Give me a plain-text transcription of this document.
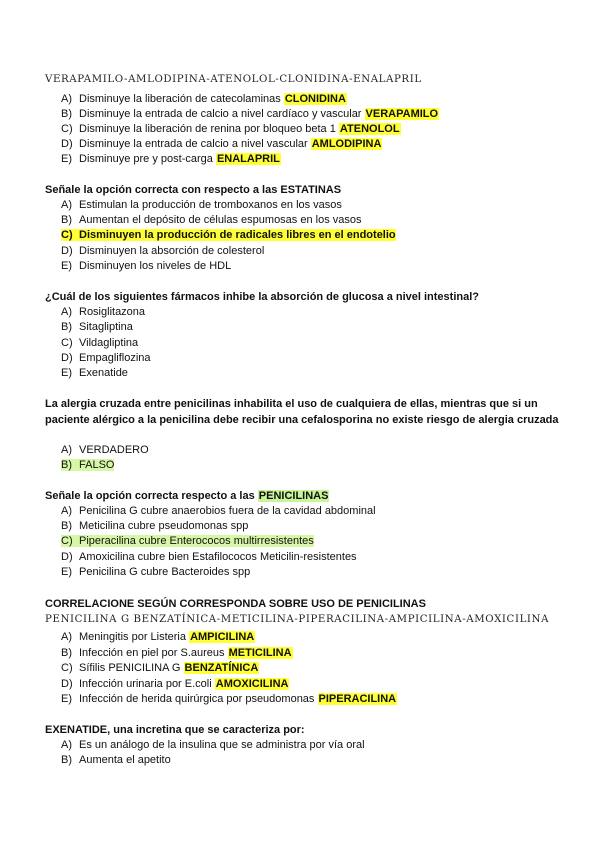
VERAPAMILO-AMLODIPINA-ATENOLOL-CLONIDINA-ENALAPRIL
A) Disminuye la liberación de catecolaminas CLONIDINA
B) Disminuye la entrada de calcio a nivel cardíaco y vascular VERAPAMILO
C) Disminuye la liberación de renina por bloqueo beta 1 ATENOLOL
D) Disminuye la entrada de calcio a nivel vascular AMLODIPINA
E) Disminuye pre y post-carga ENALAPRIL
Señale la opción correcta con respecto a las ESTATINAS
A) Estimulan la producción de tromboxanos en los vasos
B) Aumentan el depósito de células espumosas en los vasos
C) Disminuyen la producción de radicales libres en el endotelio
D) Disminuyen la absorción de colesterol
E) Disminuyen los niveles de HDL
¿Cuál de los siguientes fármacos inhibe la absorción de glucosa a nivel intestinal?
A) Rosiglitazona
B) Sitagliptina
C) Vildagliptina
D) Empagliflozina
E) Exenatide
La alergia cruzada entre penicilinas inhabilita el uso de cualquiera de ellas, mientras que si un paciente alérgico a la penicilina debe recibir una cefalosporina no existe riesgo de alergia cruzada
A) VERDADERO
B) FALSO
Señale la opción correcta respecto a las PENICILINAS
A) Penicilina G cubre anaerobios fuera de la cavidad abdominal
B) Meticilina cubre pseudomonas spp
C) Piperacilina cubre Enterococos multirresistentes
D) Amoxicilina cubre bien Estafilococos Meticilin-resistentes
E) Penicilina G cubre Bacteroides spp
CORRELACIONE SEGÚN CORRESPONDA SOBRE USO DE PENICILINAS
PENICILINA G BENZATÍNICA-METICILINA-PIPERACILINA-AMPICILINA-AMOXICILINA
A) Meningitis por Listeria AMPICILINA
B) Infección en piel por S.aureus METICILINA
C) Sífilis PENICILINA G BENZATÍNICA
D) Infección urinaria por E.coli AMOXICILINA
E) Infección de herida quirúrgica por pseudomonas PIPERACILINA
EXENATIDE, una incretina que se caracteriza por:
A) Es un análogo de la insulina que se administra por vía oral
B) Aumenta el apetito
